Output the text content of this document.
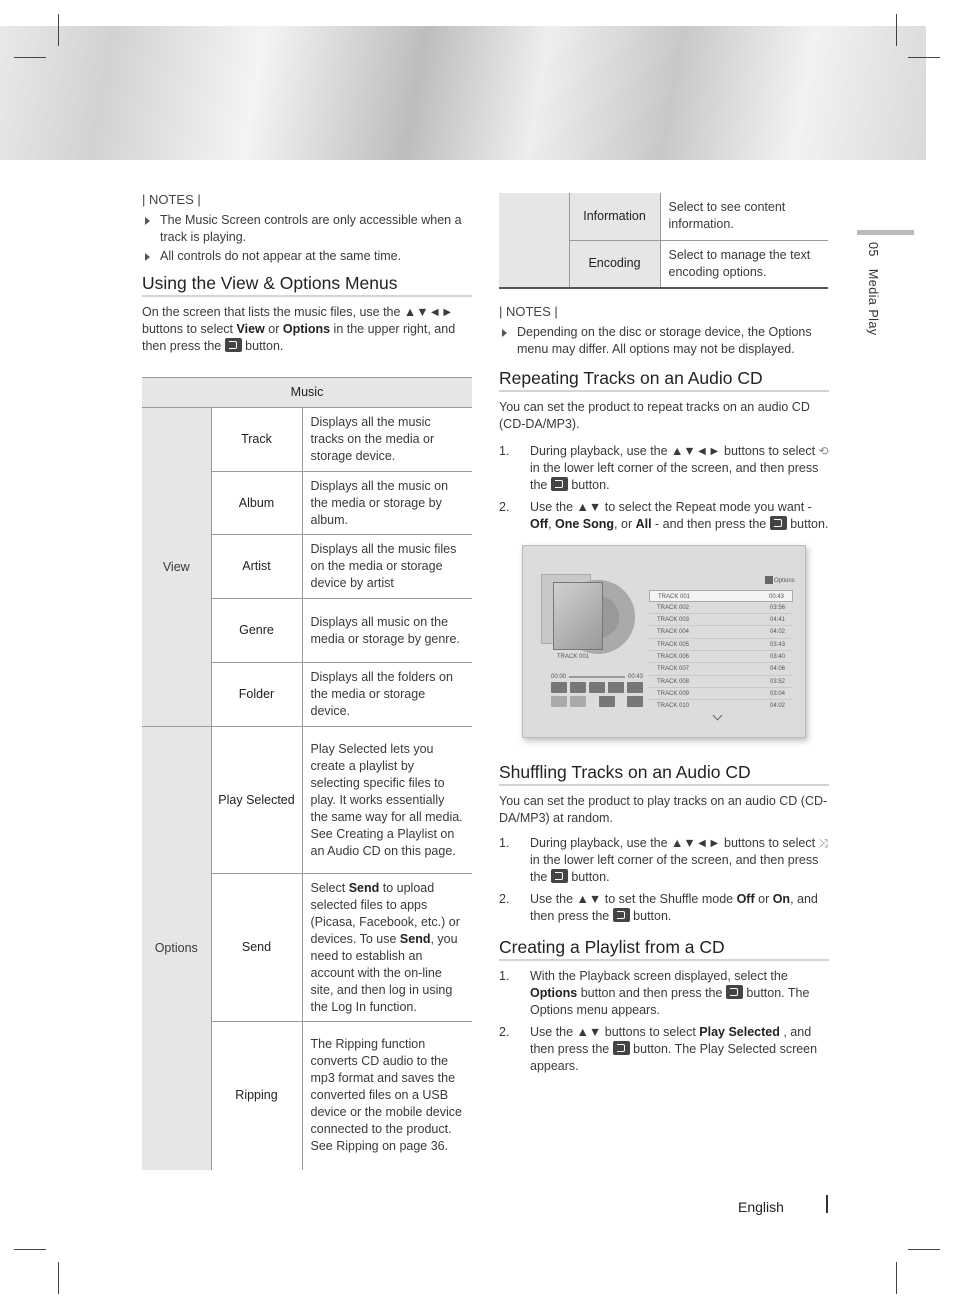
05   Media Play
| NOTES |
The Music Screen controls are only accessible when a track is playing.
All controls do not appear at the same time.
Using the View & Options Menus

On the screen that lists the music files, use the ▲▼◄► buttons to select View or Options in the upper right, and then press the  button.

Music		
View	Track	Displays all the music tracks on the media or storage device.
	Album	Displays all the music on the media or storage by album.
	Artist	Displays all the music files on the media or storage device by artist
	Genre	Displays all music on the media or storage by genre.
	Folder	Displays all the folders on the media or storage device.
Options	Play Selected	Play Selected lets you create a playlist by selecting specific files to play. It works essentially the same way for all media. See Creating a Playlist on an Audio CD on this page.
	Send	Select Send to upload selected files to apps (Picasa, Facebook, etc.) or devices. To use Send, you need to establish an account with the on-line site, and then log in using the Log In function.
	Ripping	The Ripping function converts CD audio to the mp3 format and saves the converted files on a USB device or the mobile device connected to the product. See Ripping on page 36.
	Information	Select to see content information.
	Encoding	Select to manage the text encoding options.
| NOTES |
Depending on the disc or storage device, the Options menu may differ. All options may not be displayed.
Repeating Tracks on an Audio CD

You can set the product to repeat tracks on an audio CD (CD-DA/MP3).

1. During playback, use the ▲▼◄► buttons to select ⟲ in the lower left corner of the screen, and then press the  button.
2. Use the ▲▼ to select the Repeat mode you want - Off, One Song, or All - and then press the  button.
Options
TRACK 001
00:00	00:43
TRACK 001	00:43
TRACK 002	03:56
TRACK 003	04:41
TRACK 004	04:02
TRACK 005	03:43
TRACK 006	03:40
TRACK 007	04:06
TRACK 008	03:52
TRACK 009	03:04
TRACK 010	04:02
Shuffling Tracks on an Audio CD

You can set the product to play tracks on an audio CD (CD-DA/MP3) at random.

1. During playback, use the ▲▼◄► buttons to select ⤨ in the lower left corner of the screen, and then press the  button.
2. Use the ▲▼ to set the Shuffle mode Off or On, and then press the  button.
Creating a Playlist from a CD
1. With the Playback screen displayed, select the Options button and then press the  button. The Options menu appears.
2. Use the ▲▼ buttons to select Play Selected , and then press the  button. The Play Selected screen appears.
English
